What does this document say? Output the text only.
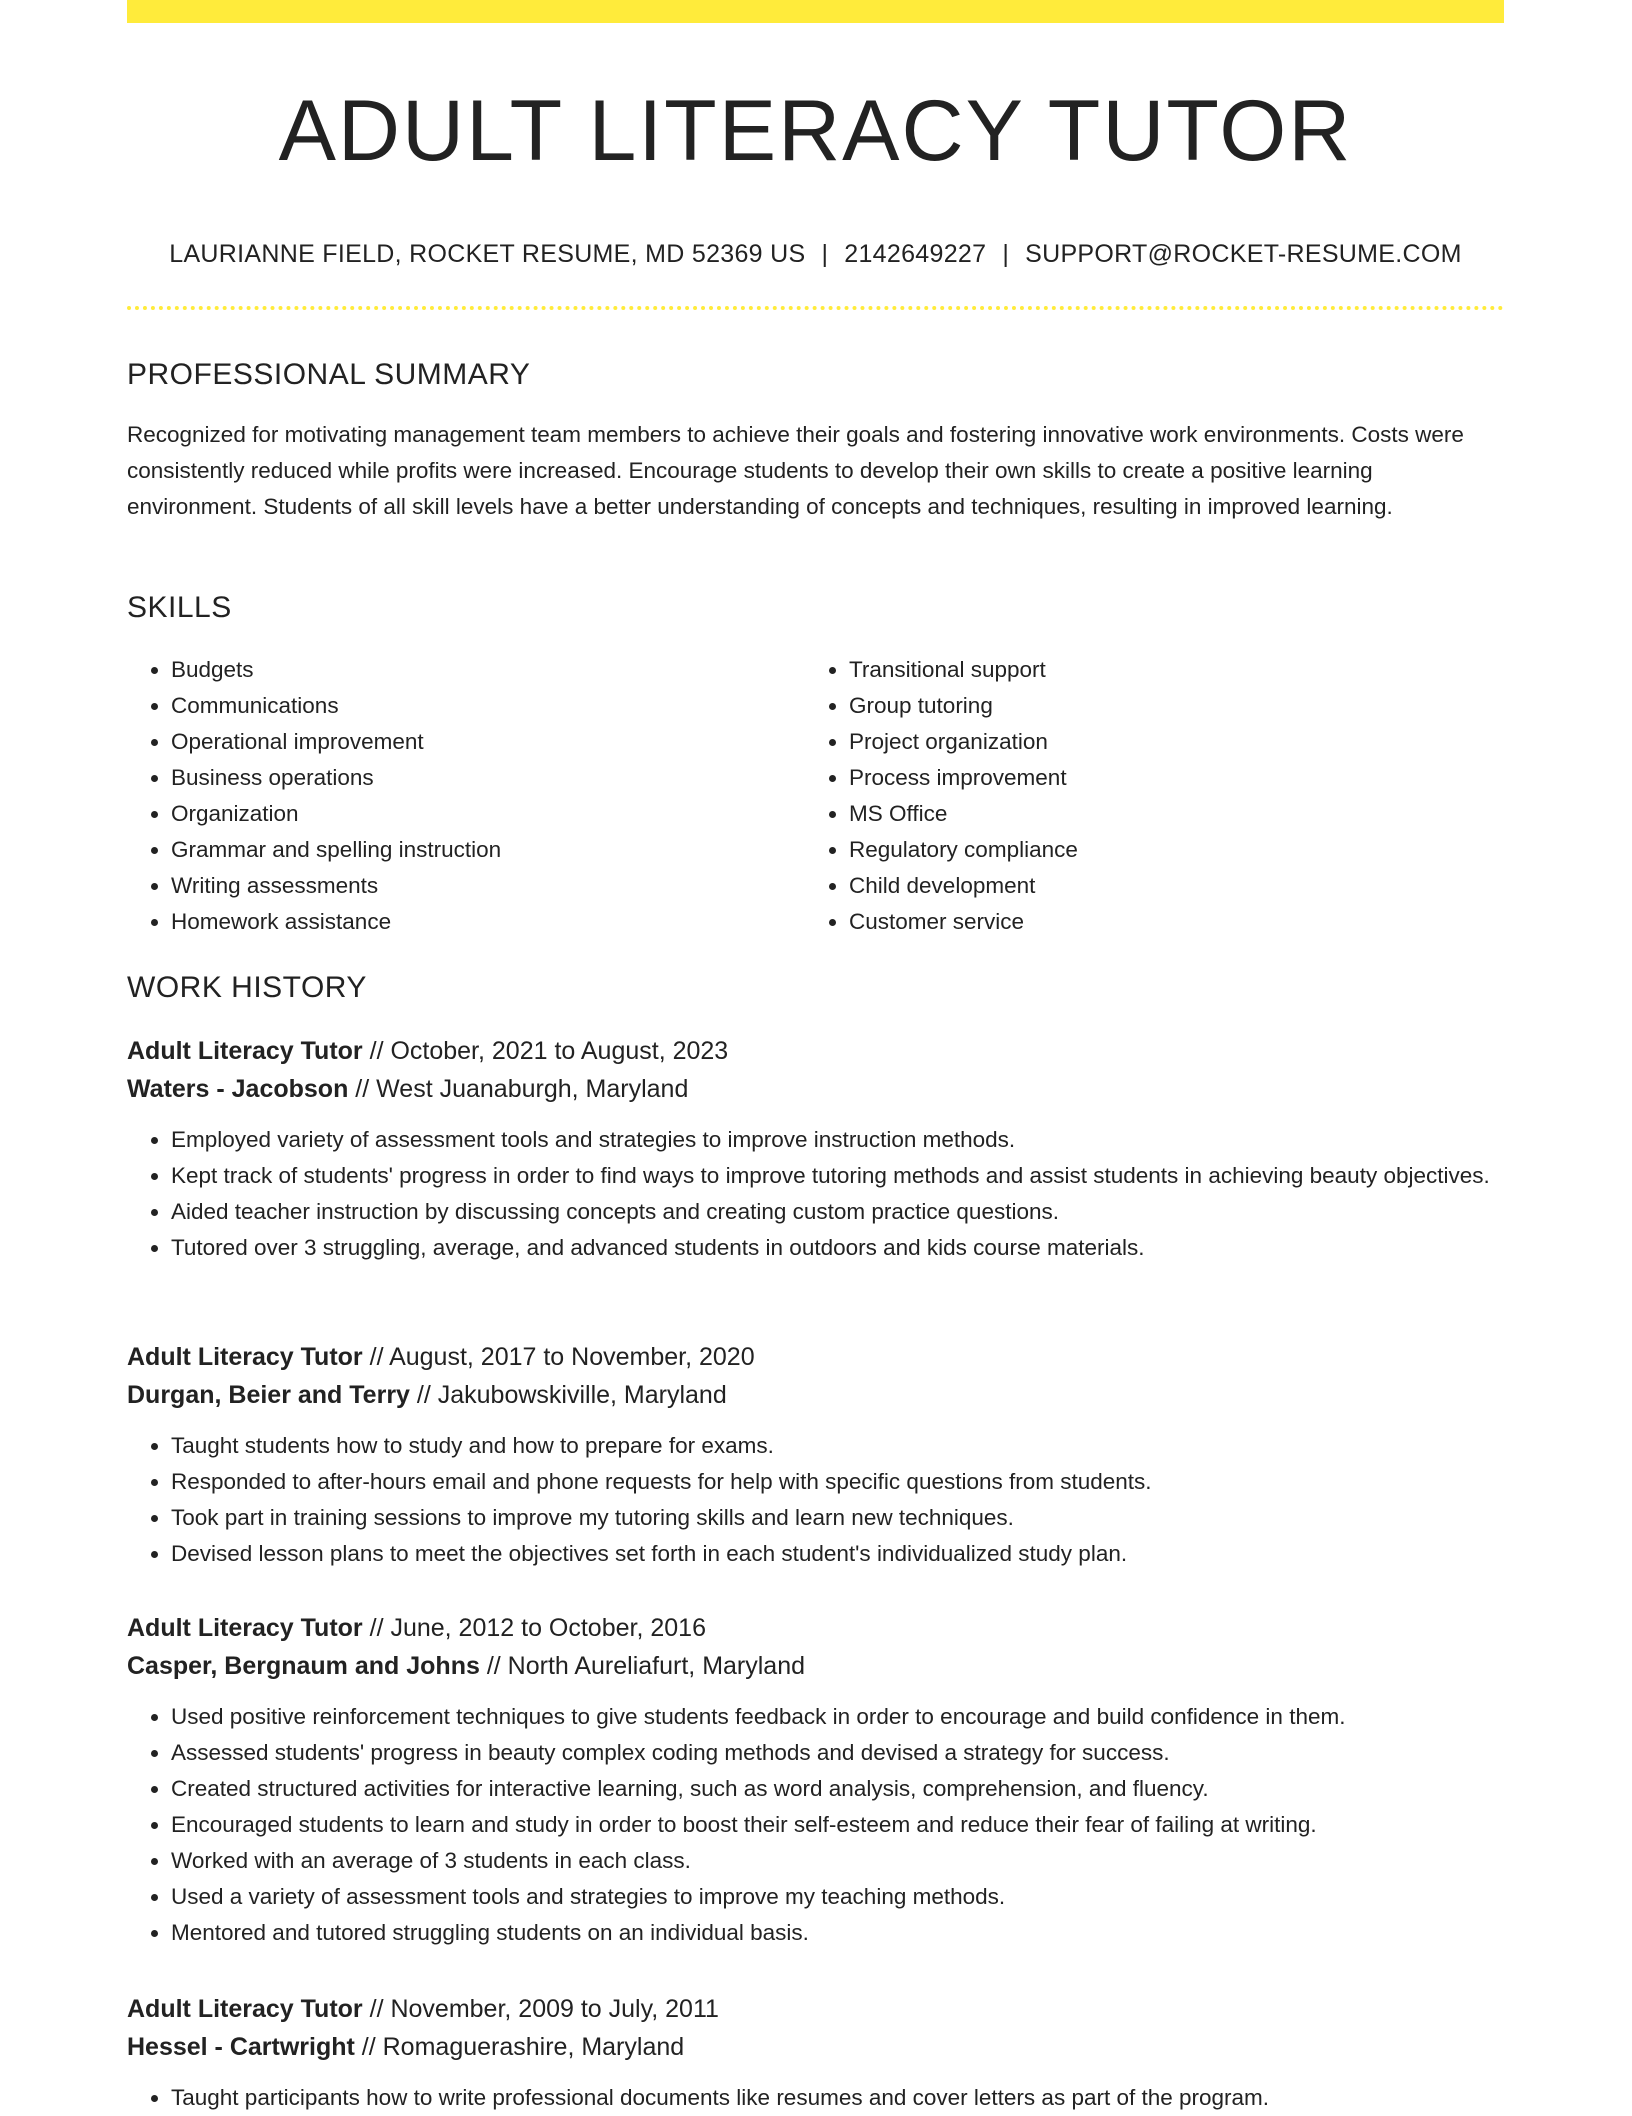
ADULT LITERACY TUTOR
LAURIANNE FIELD, ROCKET RESUME, MD 52369 US | 2142649227 | SUPPORT@ROCKET-RESUME.COM
PROFESSIONAL SUMMARY

Recognized for motivating management team members to achieve their goals and fostering innovative work environments. Costs were consistently reduced while profits were increased. Encourage students to develop their own skills to create a positive learning environment. Students of all skill levels have a better understanding of concepts and techniques, resulting in improved learning.

SKILLS
• Budgets
• Communications
• Operational improvement
• Business operations
• Organization
• Grammar and spelling instruction
• Writing assessments
• Homework assistance
• Transitional support
• Group tutoring
• Project organization
• Process improvement
• MS Office
• Regulatory compliance
• Child development
• Customer service
WORK HISTORY

Adult Literacy Tutor // October, 2021 to August, 2023

Waters - Jacobson // West Juanaburgh, Maryland

• Employed variety of assessment tools and strategies to improve instruction methods.
• Kept track of students' progress in order to find ways to improve tutoring methods and assist students in achieving beauty objectives.
• Aided teacher instruction by discussing concepts and creating custom practice questions.
• Tutored over 3 struggling, average, and advanced students in outdoors and kids course materials.

Adult Literacy Tutor // August, 2017 to November, 2020

Durgan, Beier and Terry // Jakubowskiville, Maryland

• Taught students how to study and how to prepare for exams.
• Responded to after-hours email and phone requests for help with specific questions from students.
• Took part in training sessions to improve my tutoring skills and learn new techniques.
• Devised lesson plans to meet the objectives set forth in each student's individualized study plan.

Adult Literacy Tutor // June, 2012 to October, 2016

Casper, Bergnaum and Johns // North Aureliafurt, Maryland

• Used positive reinforcement techniques to give students feedback in order to encourage and build confidence in them.
• Assessed students' progress in beauty complex coding methods and devised a strategy for success.
• Created structured activities for interactive learning, such as word analysis, comprehension, and fluency.
• Encouraged students to learn and study in order to boost their self-esteem and reduce their fear of failing at writing.
• Worked with an average of 3 students in each class.
• Used a variety of assessment tools and strategies to improve my teaching methods.
• Mentored and tutored struggling students on an individual basis.

Adult Literacy Tutor // November, 2009 to July, 2011

Hessel - Cartwright // Romaguerashire, Maryland

• Taught participants how to write professional documents like resumes and cover letters as part of the program.
